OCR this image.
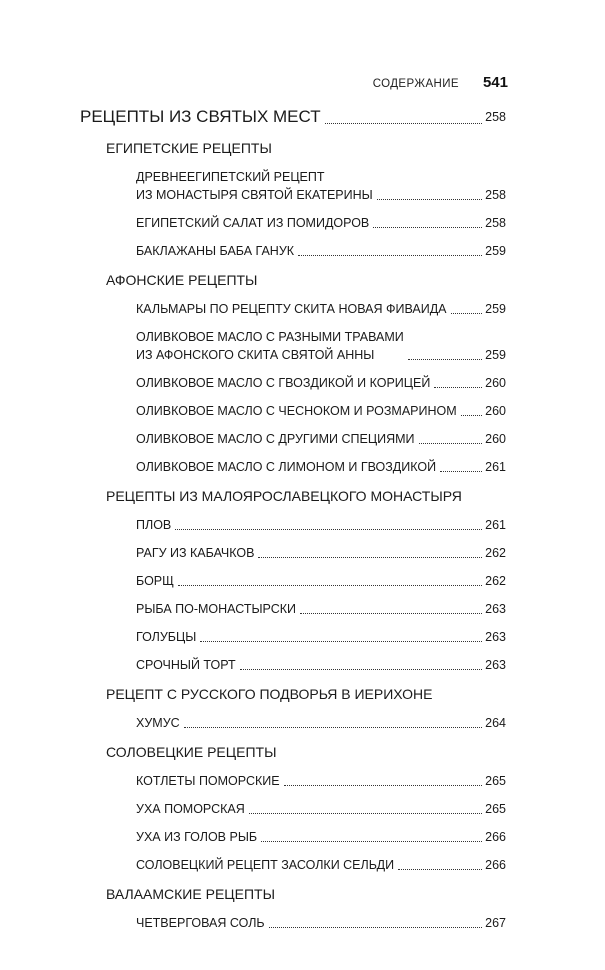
СОДЕРЖАНИЕ 541
РЕЦЕПТЫ ИЗ СВЯТЫХ МЕСТ	258
ЕГИПЕТСКИЕ РЕЦЕПТЫ
ДРЕВНЕЕГИПЕТСКИЙ РЕЦЕПТ
ИЗ МОНАСТЫРЯ СВЯТОЙ ЕКАТЕРИНЫ	258
ЕГИПЕТСКИЙ САЛАТ ИЗ ПОМИДОРОВ	258
БАКЛАЖАНЫ БАБА ГАНУК	259
АФОНСКИЕ РЕЦЕПТЫ
КАЛЬМАРЫ ПО РЕЦЕПТУ СКИТА НОВАЯ ФИВАИДА	259
ОЛИВКОВОЕ МАСЛО С РАЗНЫМИ ТРАВАМИ
ИЗ АФОНСКОГО СКИТА СВЯТОЙ АННЫ	259
ОЛИВКОВОЕ МАСЛО С ГВОЗДИКОЙ И КОРИЦЕЙ	260
ОЛИВКОВОЕ МАСЛО С ЧЕСНОКОМ И РОЗМАРИНОМ 260
ОЛИВКОВОЕ МАСЛО С ДРУГИМИ СПЕЦИЯМИ	260
ОЛИВКОВОЕ МАСЛО С ЛИМОНОМ И ГВОЗДИКОЙ	261
РЕЦЕПТЫ ИЗ МАЛОЯРОСЛАВЕЦКОГО МОНАСТЫРЯ
ПЛОВ	261
РАГУ ИЗ КАБАЧКОВ	262
БОРЩ	262
РЫБА ПО-МОНАСТЫРСКИ	263
ГОЛУБЦЫ	263
СРОЧНЫЙ ТОРТ	263
РЕЦЕПТ С РУССКОГО ПОДВОРЬЯ В ИЕРИХОНЕ
ХУМУС	264
СОЛОВЕЦКИЕ РЕЦЕПТЫ
КОТЛЕТЫ ПОМОРСКИЕ	265
УХА ПОМОРСКАЯ	265
УХА ИЗ ГОЛОВ РЫБ	266
СОЛОВЕЦКИЙ РЕЦЕПТ ЗАСОЛКИ СЕЛЬДИ	266
ВАЛААМСКИЕ РЕЦЕПТЫ
ЧЕТВЕРГОВАЯ СОЛЬ	267
